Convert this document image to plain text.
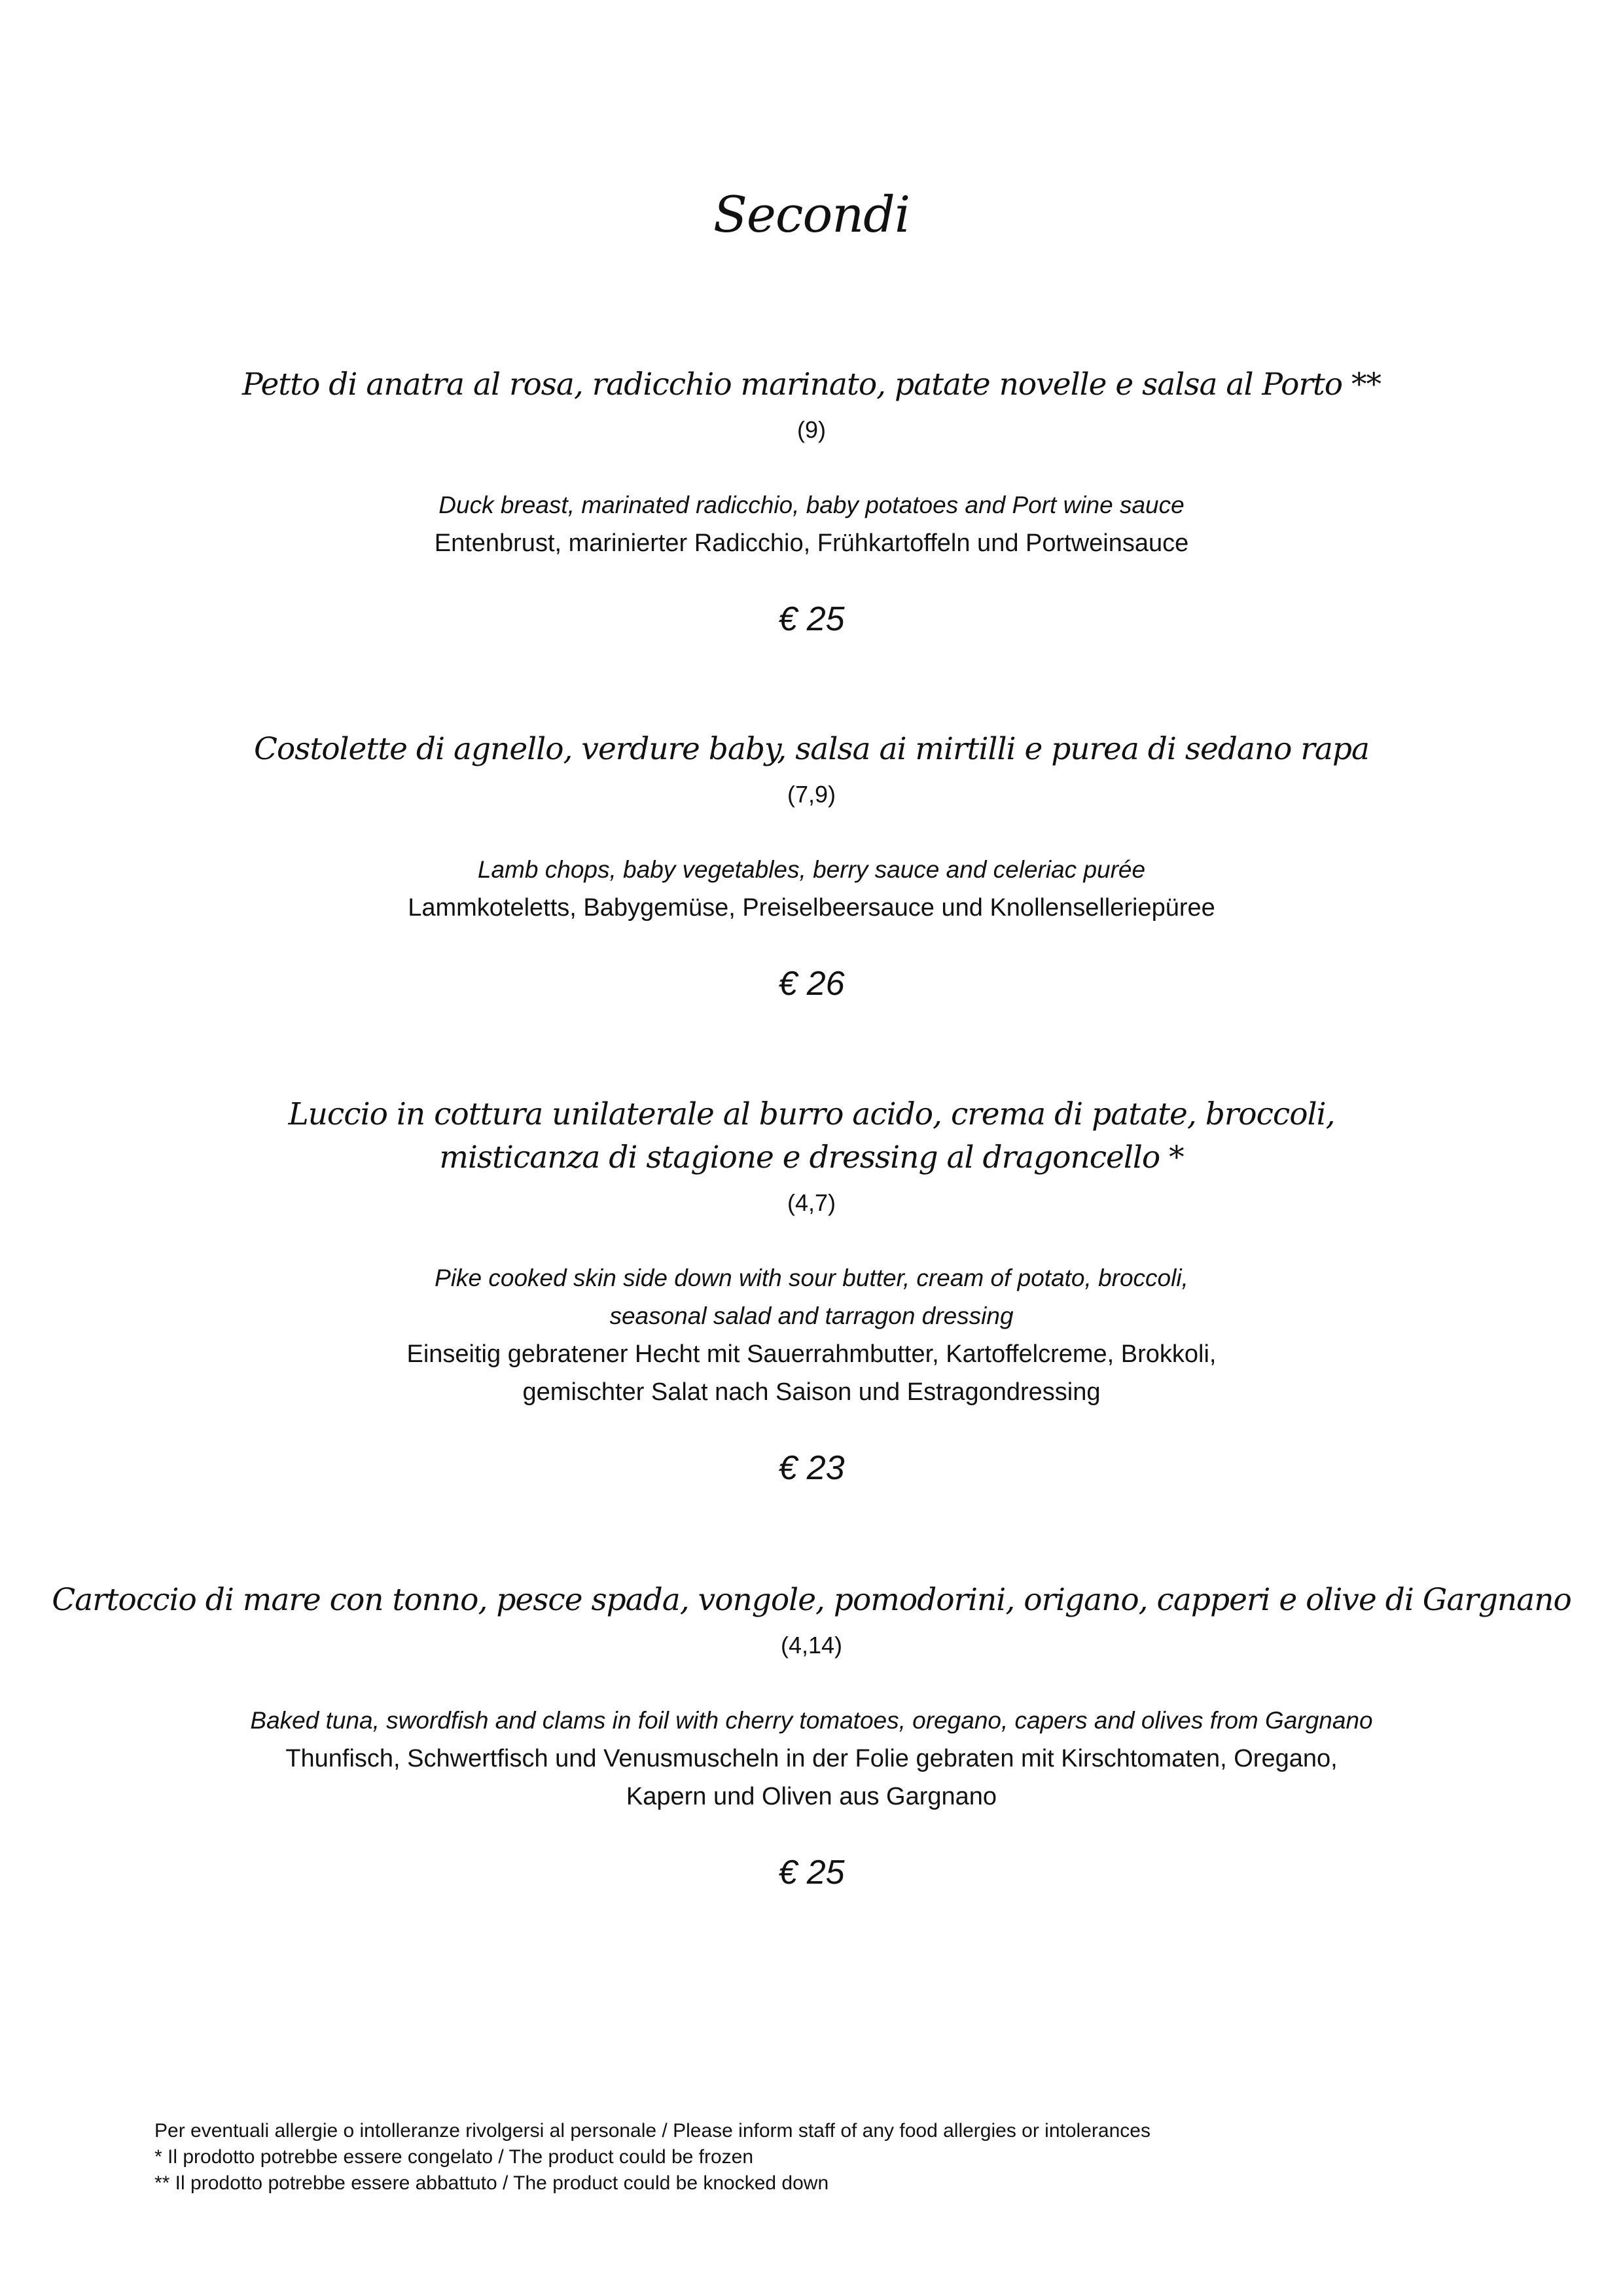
Secondi
Petto di anatra al rosa, radicchio marinato, patate novelle e salsa al Porto **
(9)
Duck breast, marinated radicchio, baby potatoes and Port wine sauce
Entenbrust, marinierter Radicchio, Frühkartoffeln und Portweinsauce
€ 25
Costolette di agnello, verdure baby, salsa ai mirtilli e purea di sedano rapa
(7,9)
Lamb chops, baby vegetables, berry sauce and celeriac purée
Lammkoteletts, Babygemüse, Preiselbeersauce und Knollenselleriepüree
€ 26
Luccio in cottura unilaterale al burro acido, crema di patate, broccoli,
misticanza di stagione e dressing al dragoncello *
(4,7)
Pike cooked skin side down with sour butter, cream of potato, broccoli,
seasonal salad and tarragon dressing
Einseitig gebratener Hecht mit Sauerrahmbutter, Kartoffelcreme, Brokkoli,
gemischter Salat nach Saison und Estragondressing
€ 23
Cartoccio di mare con tonno, pesce spada, vongole, pomodorini, origano, capperi e olive di Gargnano
(4,14)
Baked tuna, swordfish and clams in foil with cherry tomatoes, oregano, capers and olives from Gargnano
Thunfisch, Schwertfisch und Venusmuscheln in der Folie gebraten mit Kirschtomaten, Oregano,
Kapern und Oliven aus Gargnano
€ 25
Per eventuali allergie o intolleranze rivolgersi al personale / Please inform staff of any food allergies or intolerances
* Il prodotto potrebbe essere congelato / The product could be frozen
** Il prodotto potrebbe essere abbattuto / The product could be knocked down
